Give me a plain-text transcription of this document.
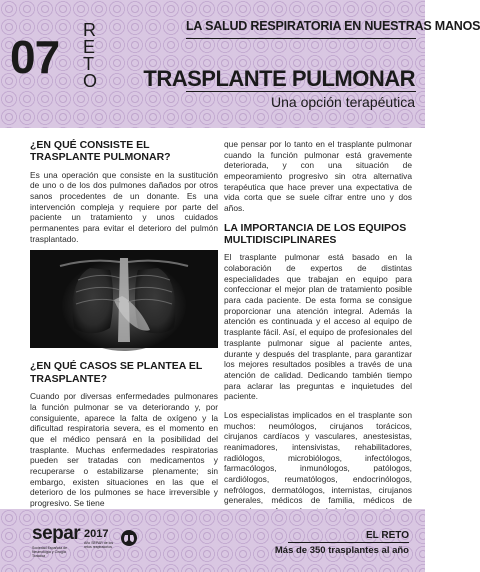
07
R
E
T
O
LA SALUD RESPIRATORIA EN NUESTRAS MANOS
TRASPLANTE PULMONAR
Una opción terapéutica
¿EN QUÉ CONSISTE EL TRASPLANTE PULMONAR?

Es una operación que consiste en la sustitución de uno o de los dos pulmones dañados por otros sanos procedentes de un donante. Es una intervención compleja y requiere por parte del paciente un tratamiento y unos cuidados permanentes para evitar el deterioro del pulmón trasplantado.

¿EN QUÉ CASOS SE PLANTEA EL TRASPLANTE?

Cuando por diversas enfermedades pulmonares la función pulmonar se va deteriorando y, por consiguiente, aparece la falta de oxígeno y la dificultad respiratoria severa, es el momento en que el médico pensará en la posibilidad del trasplante. Muchas enfermedades respiratorias pueden ser tratadas con medicamentos y recuperarse o estabilizarse plenamente; sin embargo, existen situaciones en las que el deterioro de los pulmones se hace irreversible y progresivo. Se tiene

que pensar por lo tanto en el trasplante pulmonar cuando la función pulmonar está gravemente deteriorada, y con una situación de empeoramiento progresivo sin otra alternativa terapéutica que hace prever una expectativa de vida corta que se suele cifrar entre uno y dos años.

LA IMPORTANCIA DE LOS EQUIPOS MULTIDISCIPLINARES

El trasplante pulmonar está basado en la colaboración de expertos de distintas especialidades que trabajan en equipo para confeccionar el mejor plan de tratamiento posible para cada paciente. De esta forma se consigue proporcionar una atención integral. Además la atención es continuada y el acceso al equipo de trasplante fácil. Así, el equipo de profesionales del trasplante pulmonar sigue al paciente antes, durante y después del trasplante, para garantizar los mejores resultados posibles a través de una atención de calidad. Dedicando también tiempo para aclarar las preguntas e inquietudes del paciente.

Los especialistas implicados en el trasplante son muchos: neumólogos, cirujanos torácicos, cirujanos cardíacos y vasculares, anestesistas, reanimadores, intensivistas, rehabilitadores, radiólogos, microbiólogos, infectólogos, farmacólogos, inmunólogos, patólogos, cardiólogos, reumatólogos, endocrinólogos, nefrólogos, dermatólogos, internistas, cirujanos generales, médicos de familia, médicos de

separ
Sociedad Española de Neumología y Cirugía Torácica
2017
Año SEPAR de los retos respiratorios
EL RETO
Más de 350 trasplantes al año
